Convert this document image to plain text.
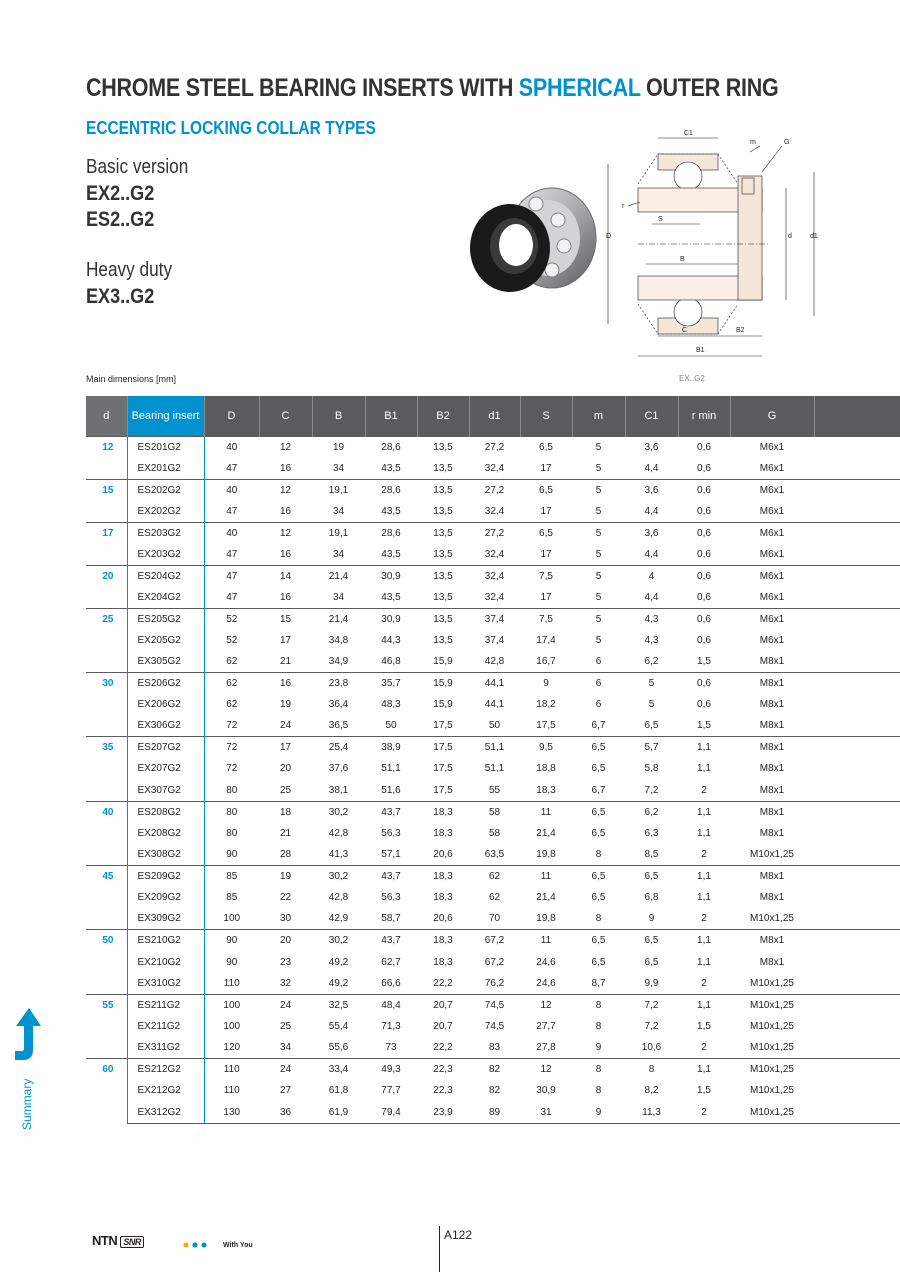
CHROME STEEL BEARING INSERTS WITH SPHERICAL OUTER RING
ECCENTRIC LOCKING COLLAR TYPES
Basic version
EX2..G2
ES2..G2
Heavy duty
EX3..G2
C1
m	G
r
S
D	d	d1
B
C	B2
B1
EX..G2
Main dimensions [mm]
d	Bearing insert	D	C	B	B1	B2	d1	S	m	C1	r min	G	
12	ES201G2	40	12	19	28,6	13,5	27,2	6,5	5	3,6	0,6	M6x1	
	EX201G2	47	16	34	43,5	13,5	32,4	17	5	4,4	0,6	M6x1	
15	ES202G2	40	12	19,1	28,6	13,5	27,2	6,5	5	3,6	0,6	M6x1	
	EX202G2	47	16	34	43,5	13,5	32,4	17	5	4,4	0,6	M6x1	
17	ES203G2	40	12	19,1	28,6	13,5	27,2	6,5	5	3,6	0,6	M6x1	
	EX203G2	47	16	34	43,5	13,5	32,4	17	5	4,4	0,6	M6x1	
20	ES204G2	47	14	21,4	30,9	13,5	32,4	7,5	5	4	0,6	M6x1	
	EX204G2	47	16	34	43,5	13,5	32,4	17	5	4,4	0,6	M6x1	
25	ES205G2	52	15	21,4	30,9	13,5	37,4	7,5	5	4,3	0,6	M6x1	
	EX205G2	52	17	34,8	44,3	13,5	37,4	17,4	5	4,3	0,6	M6x1	
	EX305G2	62	21	34,9	46,8	15,9	42,8	16,7	6	6,2	1,5	M8x1	
30	ES206G2	62	16	23,8	35,7	15,9	44,1	9	6	5	0,6	M8x1	
	EX206G2	62	19	36,4	48,3	15,9	44,1	18,2	6	5	0,6	M8x1	
	EX306G2	72	24	36,5	50	17,5	50	17,5	6,7	6,5	1,5	M8x1	
35	ES207G2	72	17	25,4	38,9	17,5	51,1	9,5	6,5	5,7	1,1	M8x1	
	EX207G2	72	20	37,6	51,1	17,5	51,1	18,8	6,5	5,8	1,1	M8x1	
	EX307G2	80	25	38,1	51,6	17,5	55	18,3	6,7	7,2	2	M8x1	
40	ES208G2	80	18	30,2	43,7	18,3	58	11	6,5	6,2	1,1	M8x1	
	EX208G2	80	21	42,8	56,3	18,3	58	21,4	6,5	6,3	1,1	M8x1	
	EX308G2	90	28	41,3	57,1	20,6	63,5	19,8	8	8,5	2	M10x1,25	
45	ES209G2	85	19	30,2	43,7	18,3	62	11	6,5	6,5	1,1	M8x1	
	EX209G2	85	22	42,8	56,3	18,3	62	21,4	6,5	6,8	1,1	M8x1	
	EX309G2	100	30	42,9	58,7	20,6	70	19,8	8	9	2	M10x1,25	
50	ES210G2	90	20	30,2	43,7	18,3	67,2	11	6,5	6,5	1,1	M8x1	
	EX210G2	90	23	49,2	62,7	18,3	67,2	24,6	6,5	6,5	1,1	M8x1	
	EX310G2	110	32	49,2	66,6	22,2	76,2	24,6	8,7	9,9	2	M10x1,25	
55	ES211G2	100	24	32,5	48,4	20,7	74,5	12	8	7,2	1,1	M10x1,25	
	EX211G2	100	25	55,4	71,3	20,7	74,5	27,7	8	7,2	1,5	M10x1,25	
	EX311G2	120	34	55,6	73	22,2	83	27,8	9	10,6	2	M10x1,25	
60	ES212G2	110	24	33,4	49,3	22,3	82	12	8	8	1,1	M10x1,25	
	EX212G2	110	27	61,8	77,7	22,3	82	30,9	8	8,2	1,5	M10x1,25	
	EX312G2	130	36	61,9	79,4	23,9	89	31	9	11,3	2	M10x1,25	
Summary
NTN SNR	With You
A122
